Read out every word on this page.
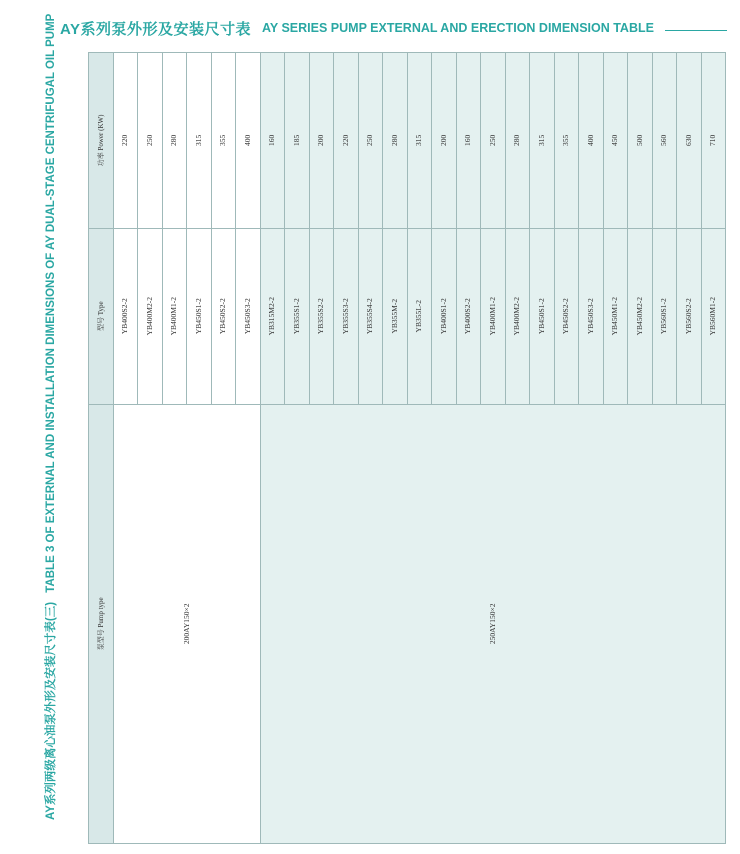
AY系列泵外形及安装尺寸表 AY SERIES PUMP EXTERNAL AND ERECTION DIMENSION TABLE
AY系列两级离心油泵外形及安装尺寸表(三) TABLE 3 OF EXTERNAL AND INSTALLATION DIMENSIONS OF AY DUAL-STAGE CENTRIFUGAL OIL PUMP
泵型号 Pump type	型号 Type	功率 Power (KW)
200AY150×2	YB400S2-2	220
	YB400M2-2	250
	YB400M1-2	280
	YB450S1-2	315
	YB450S2-2	355
	YB450S3-2	400
250AY150×2	YB315M2-2	160
	YB355S1-2	185
	YB355S2-2	200
	YB355S3-2	220
	YB355S4-2	250
	YB355M-2	280
	YB355L-2	315
	YB400S1-2	200
	YB400S2-2	160
	YB400M1-2	250
	YB400M2-2	280
	YB450S1-2	315
	YB450S2-2	355
	YB450S3-2	400
	YB450M1-2	450
	YB450M2-2	500
	YB560S1-2	560
	YB560S2-2	630
	YB560M1-2	710
